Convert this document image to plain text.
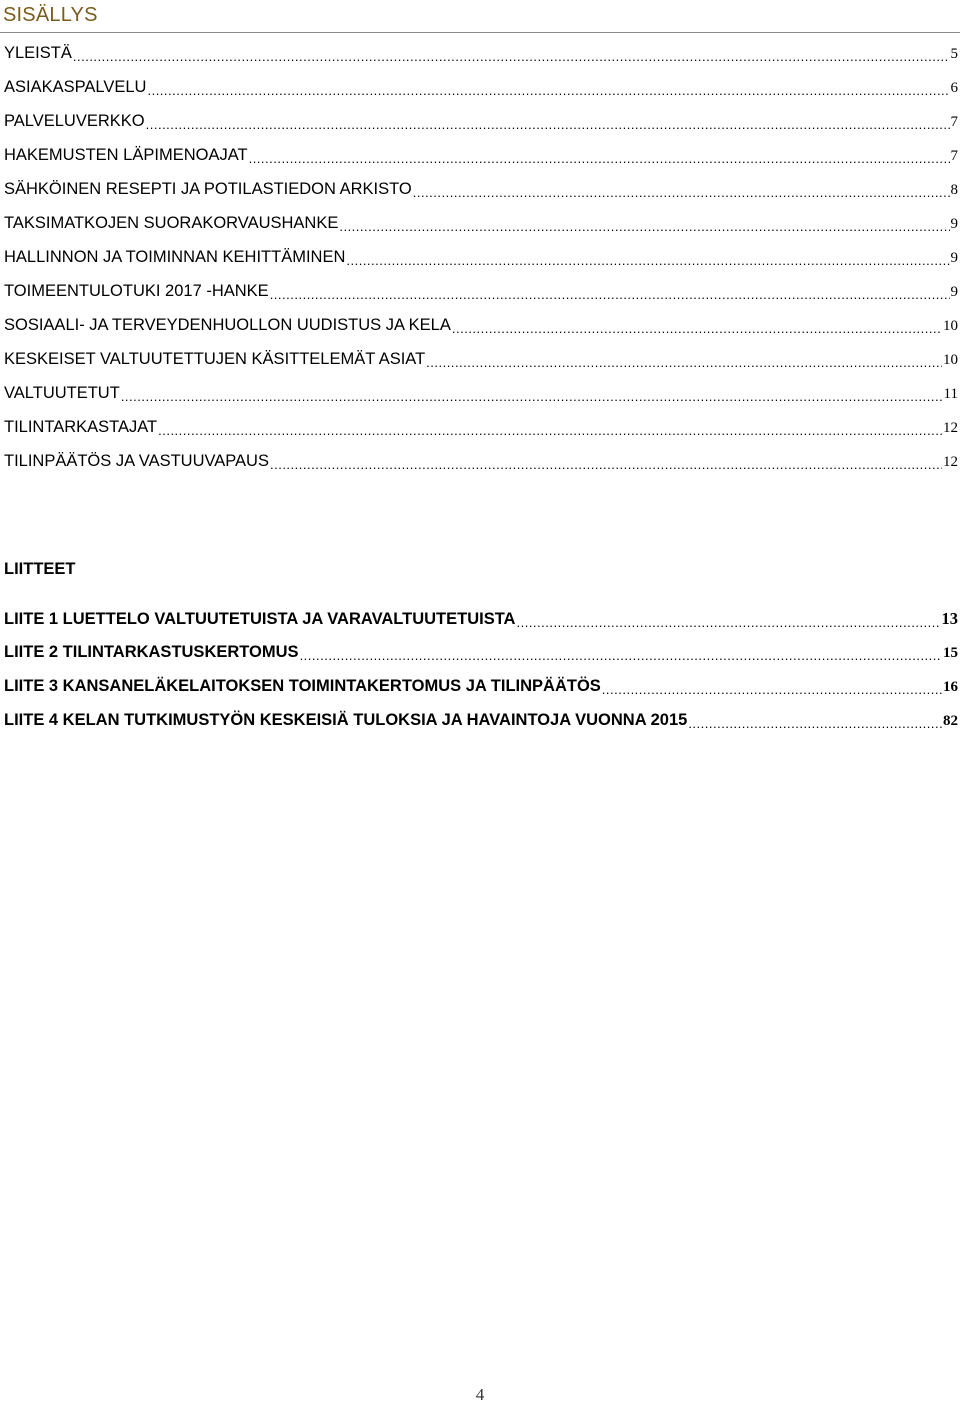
SISÄLLYS
YLEISTÄ .....	5
ASIAKASPALVELU .....	6
PALVELUVERKKO .....	7
HAKEMUSTEN LÄPIMENOAJAT .....	7
SÄHKÖINEN RESEPTI JA POTILASTIEDON ARKISTO .....	8
TAKSIMATKOJEN SUORAKORVAUSHANKE .....	9
HALLINNON JA TOIMINNAN KEHITTÄMINEN .....	9
TOIMEENTULOTUKI 2017 -HANKE .....	9
SOSIAALI- JA TERVEYDENHUOLLON UUDISTUS JA KELA .....	10
KESKEISET VALTUUTETTUJEN KÄSITTELEMÄT ASIAT .....	10
VALTUUTETUT .....	11
TILINTARKASTAJAT .....	12
TILINPÄÄTÖS JA VASTUUVAPAUS .....	12
LIITTEET
LIITE 1 LUETTELO VALTUUTETUISTA JA VARAVALTUUTETUISTA .....	13
LIITE 2 TILINTARKASTUSKERTOMUS .....	15
LIITE 3 KANSANELÄKELAITOKSEN TOIMINTAKERTOMUS JA TILINPÄÄTÖS .....	16
LIITE 4 KELAN TUTKIMUSTYÖN KESKEISIÄ TULOKSIA JA HAVAINTOJA VUONNA 2015 .....	82
4
